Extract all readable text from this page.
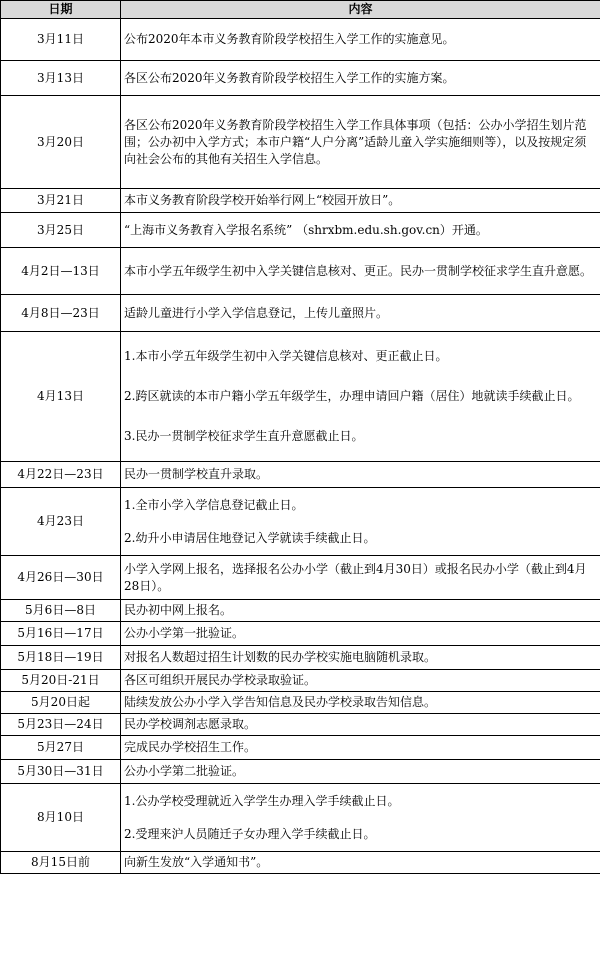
日期	内容
3月11日	公布2020年本市义务教育阶段学校招生入学工作的实施意见。

3月13日	各区公布2020年义务教育阶段学校招生入学工作的实施方案。

3月20日	各区公布2020年义务教育阶段学校招生入学工作具体事项（包括：公办小学招生划片范围；公办初中入学方式；本市户籍“人户分离”适龄儿童入学实施细则等），以及按规定须向社会公布的其他有关招生入学信息。

3月21日	本市义务教育阶段学校开始举行网上“校园开放日”。

3月25日	“上海市义务教育入学报名系统” （shrxbm.edu.sh.gov.cn）开通。

4月2日—13日	本市小学五年级学生初中入学关键信息核对、更正。民办一贯制学校征求学生直升意愿。

4月8日—23日	适龄儿童进行小学入学信息登记，上传儿童照片。

4月13日	1.本市小学五年级学生初中入学关键信息核对、更正截止日。
2.跨区就读的本市户籍小学五年级学生，办理申请回户籍（居住）地就读手续截止日。
3.民办一贯制学校征求学生直升意愿截止日。

4月22日—23日	民办一贯制学校直升录取。

4月23日	1.全市小学入学信息登记截止日。
2.幼升小申请居住地登记入学就读手续截止日。

4月26日—30日	小学入学网上报名，选择报名公办小学（截止到4月30日）或报名民办小学（截止到4月28日）。

5月6日—8日	民办初中网上报名。

5月16日—17日	公办小学第一批验证。

5月18日—19日	对报名人数超过招生计划数的民办学校实施电脑随机录取。

5月20日-21日	各区可组织开展民办学校录取验证。

5月20日起	陆续发放公办小学入学告知信息及民办学校录取告知信息。

5月23日—24日	民办学校调剂志愿录取。

5月27日	完成民办学校招生工作。

5月30日—31日	公办小学第二批验证。

8月10日	1.公办学校受理就近入学学生办理入学手续截止日。
2.受理来沪人员随迁子女办理入学手续截止日。

8月15日前	向新生发放“入学通知书”。
